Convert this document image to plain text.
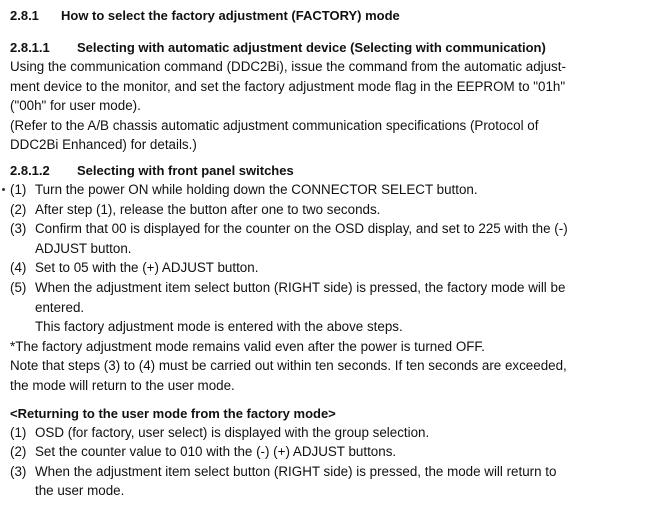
2.8.1 How to select the factory adjustment (FACTORY) mode
2.8.1.1 Selecting with automatic adjustment device (Selecting with communication)
Using the communication command (DDC2Bi), issue the command from the automatic adjust-
ment device to the monitor, and set the factory adjustment mode flag in the EEPROM to "01h"
("00h" for user mode).
(Refer to the A/B chassis automatic adjustment communication specifications (Protocol of
DDC2Bi Enhanced) for details.)
2.8.1.2 Selecting with front panel switches
(1) Turn the power ON while holding down the CONNECTOR SELECT button.
(2) After step (1), release the button after one to two seconds.
(3) Confirm that 00 is displayed for the counter on the OSD display, and set to 225 with the (-)
ADJUST button.
(4) Set to 05 with the (+) ADJUST button.
(5) When the adjustment item select button (RIGHT side) is pressed, the factory mode will be
entered.
This factory adjustment mode is entered with the above steps.
*The factory adjustment mode remains valid even after the power is turned OFF.
Note that steps (3) to (4) must be carried out within ten seconds. If ten seconds are exceeded,
the mode will return to the user mode.
<Returning to the user mode from the factory mode>
(1) OSD (for factory, user select) is displayed with the group selection.
(2) Set the counter value to 010 with the (-) (+) ADJUST buttons.
(3) When the adjustment item select button (RIGHT side) is pressed, the mode will return to
the user mode.
